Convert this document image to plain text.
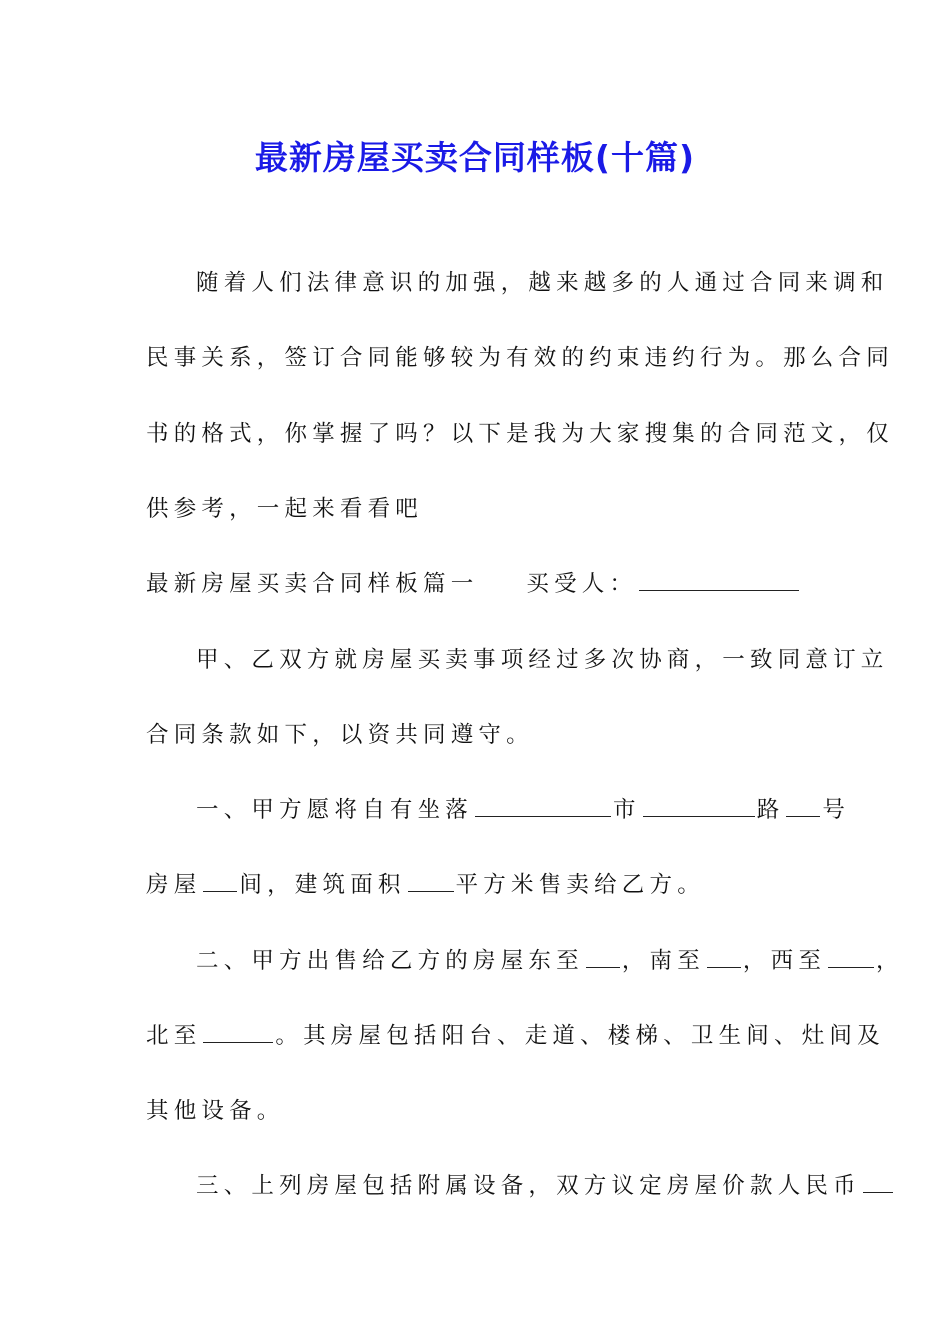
最新房屋买卖合同样板(十篇)
随着人们法律意识的加强，越来越多的人通过合同来调和
民事关系，签订合同能够较为有效的约束违约行为。那么合同
书的格式，你掌握了吗？以下是我为大家搜集的合同范文，仅
供参考，一起来看看吧
最新房屋买卖合同样板篇一 买受人：
甲、乙双方就房屋买卖事项经过多次协商，一致同意订立
合同条款如下，以资共同遵守。
一、甲方愿将自有坐落	市	路 号
房屋 间，建筑面积 平方米售卖给乙方。
二、甲方出售给乙方的房屋东至 ，南至 ，西至 ，
北至	。其房屋包括阳台、走道、楼梯、卫生间、灶间及
其他设备。
三、上列房屋包括附属设备，双方议定房屋价款人民币
